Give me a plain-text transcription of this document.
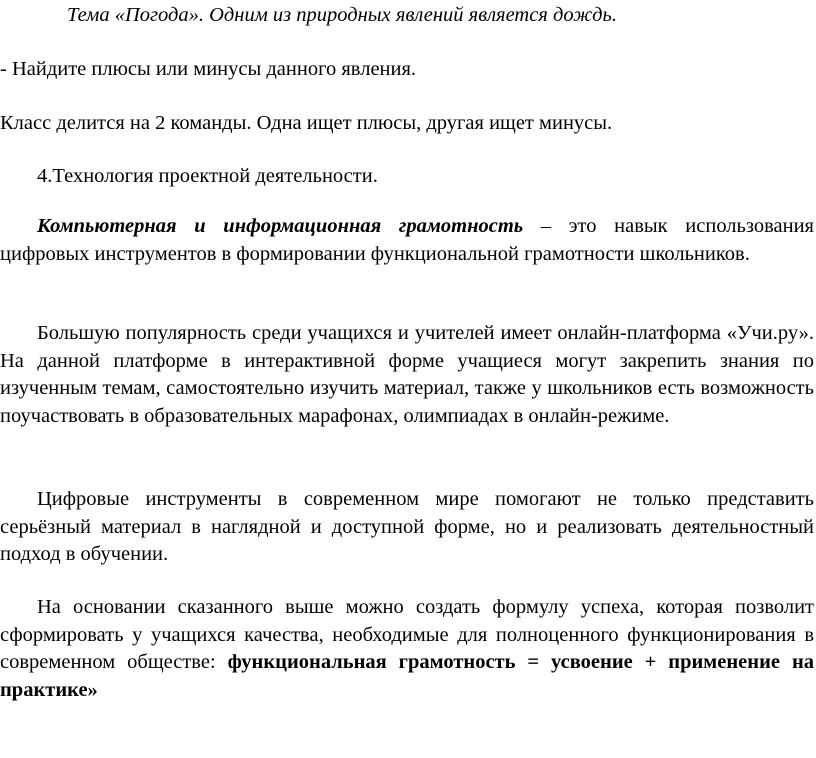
Тема «Погода». Одним из природных явлений является дождь.
- Найдите плюсы или минусы данного явления.
Класс делится на 2 команды. Одна ищет плюсы, другая ищет минусы.
4.Технология проектной деятельности.
Компьютерная и информационная грамотность – это навык использования цифровых инструментов в формировании функциональной грамотности школьников.
Большую популярность среди учащихся и учителей имеет онлайн-платформа «Учи.ру». На данной платформе в интерактивной форме учащиеся могут закрепить знания по изученным темам, самостоятельно изучить материал, также у школьников есть возможность поучаствовать в образовательных марафонах, олимпиадах в онлайн-режиме.
Цифровые инструменты в современном мире помогают не только представить серьёзный материал в наглядной и доступной форме, но и реализовать деятельностный подход в обучении.
На основании сказанного выше можно создать формулу успеха, которая позволит сформировать у учащихся качества, необходимые для полноценного функционирования в современном обществе: функциональная грамотность = усвоение + применение на практике»
